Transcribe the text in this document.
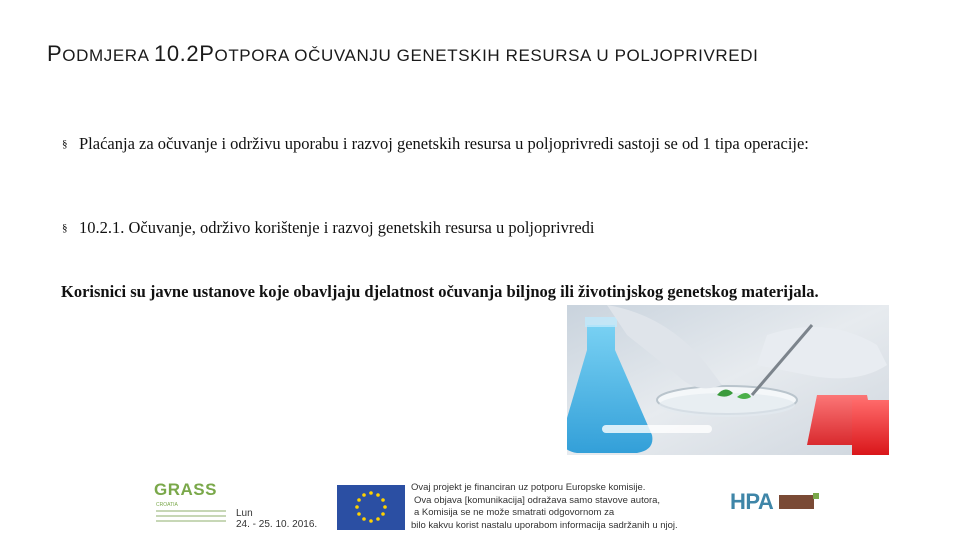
PODMJERA 10.2POTPORA OČUVANJU GENETSKIH RESURSA U POLJOPRIVREDI
§ Plaćanja za očuvanje i održivu uporabu i razvoj genetskih resursa u poljoprivredi sastoji se od 1 tipa operacije:
§ 10.2.1. Očuvanje, održivo korištenje i razvoj genetskih resursa u poljoprivredi
Korisnici su javne ustanove koje obavljaju djelatnost očuvanja biljnog ili životinjskog genetskog materijala.
GRASS
CROATIA
Lun
24. - 25. 10. 2016.
Ovaj projekt je financiran uz potporu Europske komisije.
Ova objava [komunikacija] odražava samo stavove autora,
a Komisija se ne može smatrati odgovornom za
bilo kakvu korist nastalu uporabom informacija sadržanih u njoj.
HPA
